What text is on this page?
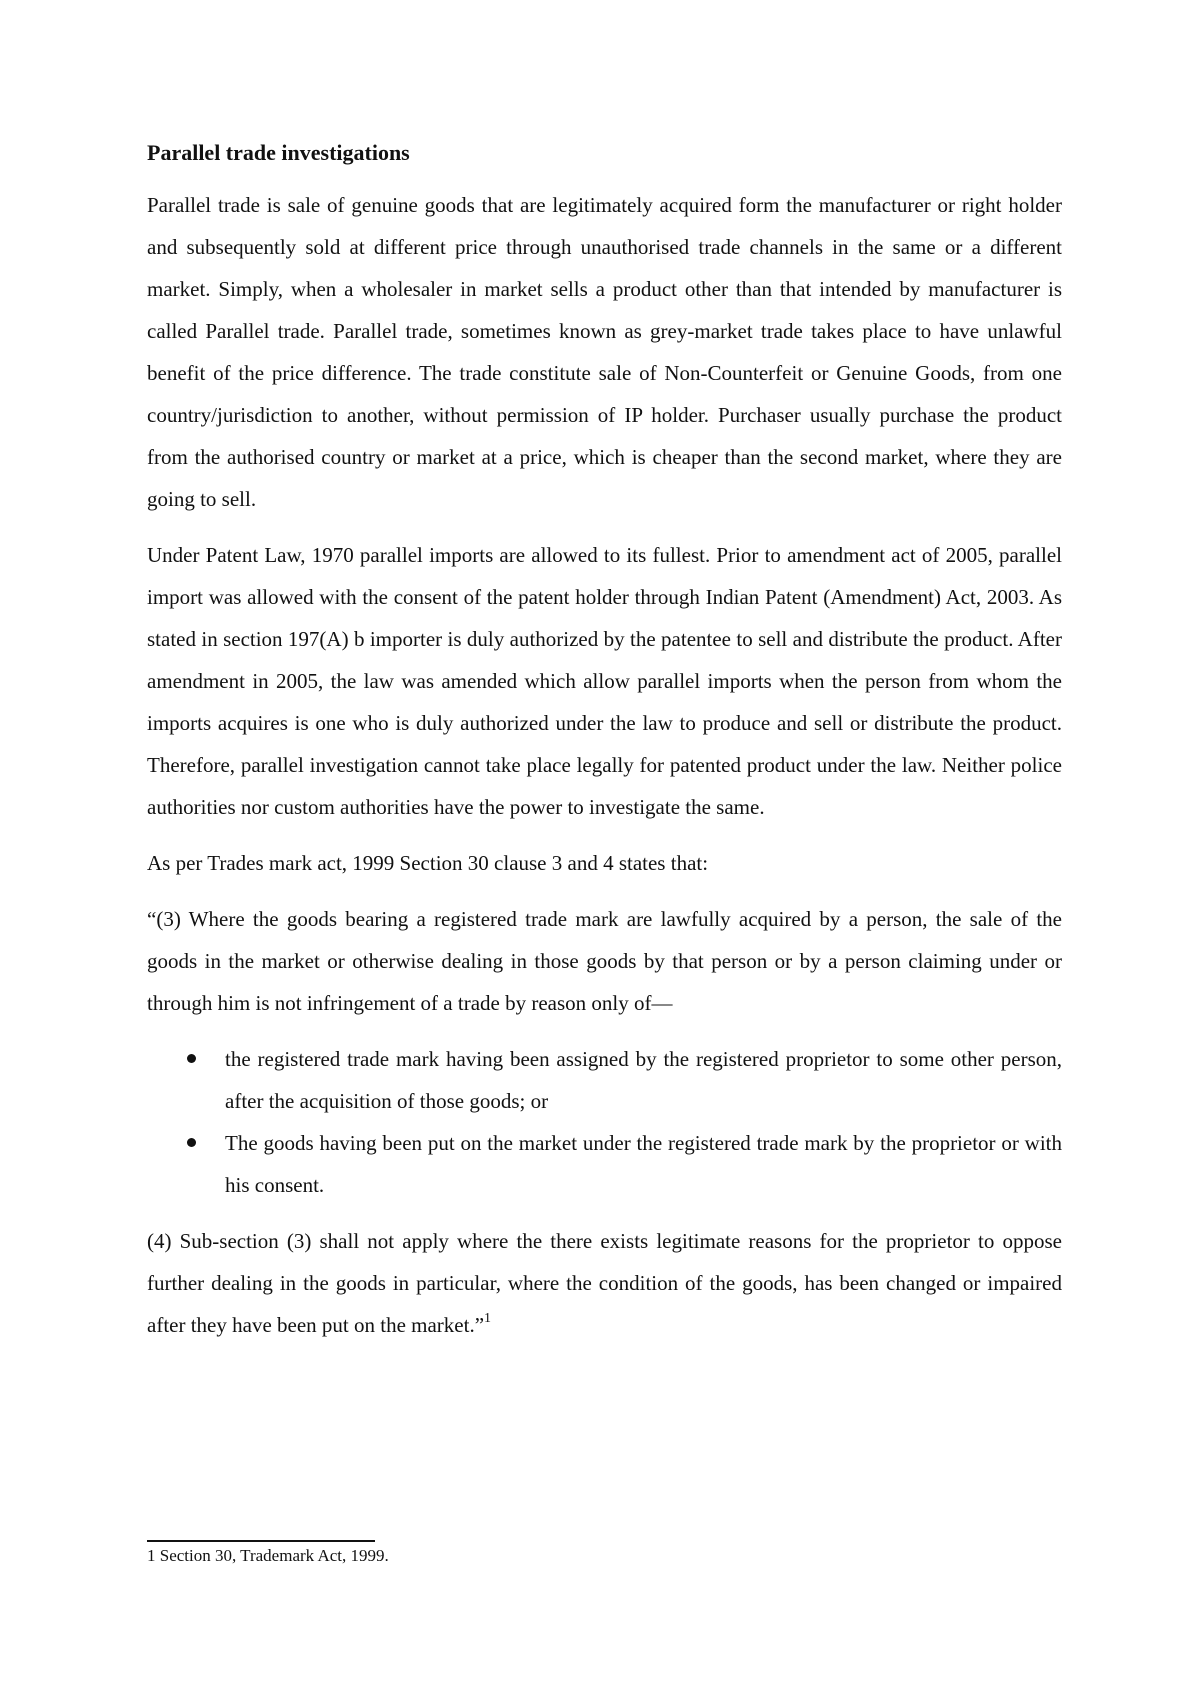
Parallel trade investigations

Parallel trade is sale of genuine goods that are legitimately acquired form the manufacturer or right holder and subsequently sold at different price through unauthorised trade channels in the same or a different market. Simply, when a wholesaler in market sells a product other than that intended by manufacturer is called Parallel trade. Parallel trade, sometimes known as grey-market trade takes place to have unlawful benefit of the price difference. The trade constitute sale of Non-Counterfeit or Genuine Goods, from one country/jurisdiction to another, without permission of IP holder. Purchaser usually purchase the product from the authorised country or market at a price, which is cheaper than the second market, where they are going to sell.

Under Patent Law, 1970 parallel imports are allowed to its fullest. Prior to amendment act of 2005, parallel import was allowed with the consent of the patent holder through Indian Patent (Amendment) Act, 2003. As stated in section 197(A) b importer is duly authorized by the patentee to sell and distribute the product. After amendment in 2005, the law was amended which allow parallel imports when the person from whom the imports acquires is one who is duly authorized under the law to produce and sell or distribute the product. Therefore, parallel investigation cannot take place legally for patented product under the law. Neither police authorities nor custom authorities have the power to investigate the same.

As per Trades mark act, 1999 Section 30 clause 3 and 4 states that:

“(3) Where the goods bearing a registered trade mark are lawfully acquired by a person, the sale of the goods in the market or otherwise dealing in those goods by that person or by a person claiming under or through him is not infringement of a trade by reason only of—

the registered trade mark having been assigned by the registered proprietor to some other person, after the acquisition of those goods; or
The goods having been put on the market under the registered trade mark by the proprietor or with his consent.

(4) Sub-section (3) shall not apply where the there exists legitimate reasons for the proprietor to oppose further dealing in the goods in particular, where the condition of the goods, has been changed or impaired after they have been put on the market.”$^1$

1 Section 30, Trademark Act, 1999.
